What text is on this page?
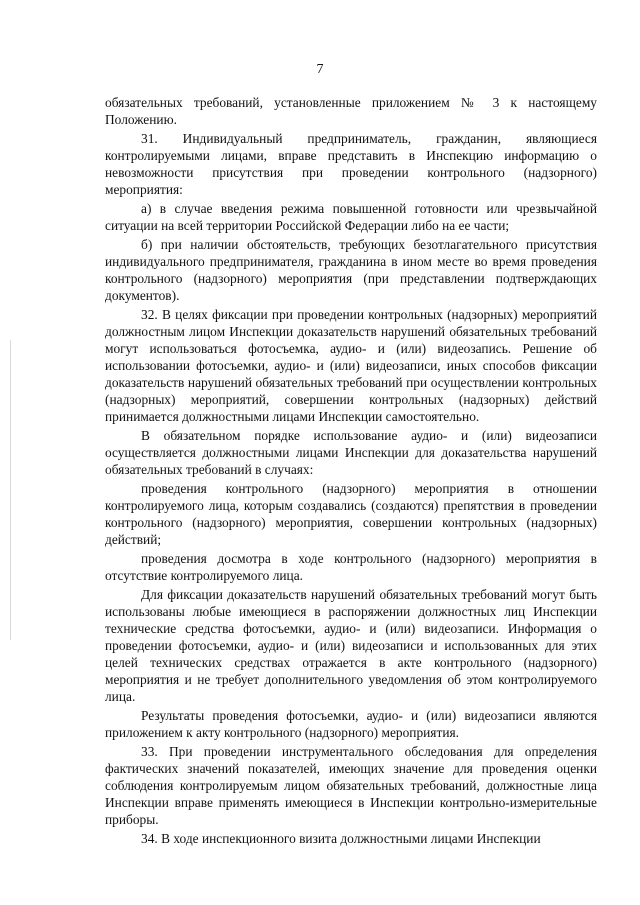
7

обязательных требований, установленные приложением № 3 к настоящему Положению.

31. Индивидуальный предприниматель, гражданин, являющиеся контролируемыми лицами, вправе представить в Инспекцию информацию о невозможности присутствия при проведении контрольного (надзорного) мероприятия:

а) в случае введения режима повышенной готовности или чрезвычайной ситуации на всей территории Российской Федерации либо на ее части;

б) при наличии обстоятельств, требующих безотлагательного присутствия индивидуального предпринимателя, гражданина в ином месте во время проведения контрольного (надзорного) мероприятия (при представлении подтверждающих документов).

32. В целях фиксации при проведении контрольных (надзорных) мероприятий должностным лицом Инспекции доказательств нарушений обязательных требований могут использоваться фотосъемка, аудио- и (или) видеозапись. Решение об использовании фотосъемки, аудио- и (или) видеозаписи, иных способов фиксации доказательств нарушений обязательных требований при осуществлении контрольных (надзорных) мероприятий, совершении контрольных (надзорных) действий принимается должностными лицами Инспекции самостоятельно.

В обязательном порядке использование аудио- и (или) видеозаписи осуществляется должностными лицами Инспекции для доказательства нарушений обязательных требований в случаях:

проведения контрольного (надзорного) мероприятия в отношении контролируемого лица, которым создавались (создаются) препятствия в проведении контрольного (надзорного) мероприятия, совершении контрольных (надзорных) действий;

проведения досмотра в ходе контрольного (надзорного) мероприятия в отсутствие контролируемого лица.

Для фиксации доказательств нарушений обязательных требований могут быть использованы любые имеющиеся в распоряжении должностных лиц Инспекции технические средства фотосъемки, аудио- и (или) видеозаписи. Информация о проведении фотосъемки, аудио- и (или) видеозаписи и использованных для этих целей технических средствах отражается в акте контрольного (надзорного) мероприятия и не требует дополнительного уведомления об этом контролируемого лица.

Результаты проведения фотосъемки, аудио- и (или) видеозаписи являются приложением к акту контрольного (надзорного) мероприятия.

33. При проведении инструментального обследования для определения фактических значений показателей, имеющих значение для проведения оценки соблюдения контролируемым лицом обязательных требований, должностные лица Инспекции вправе применять имеющиеся в Инспекции контрольно-измерительные приборы.

34. В ходе инспекционного визита должностными лицами Инспекции
